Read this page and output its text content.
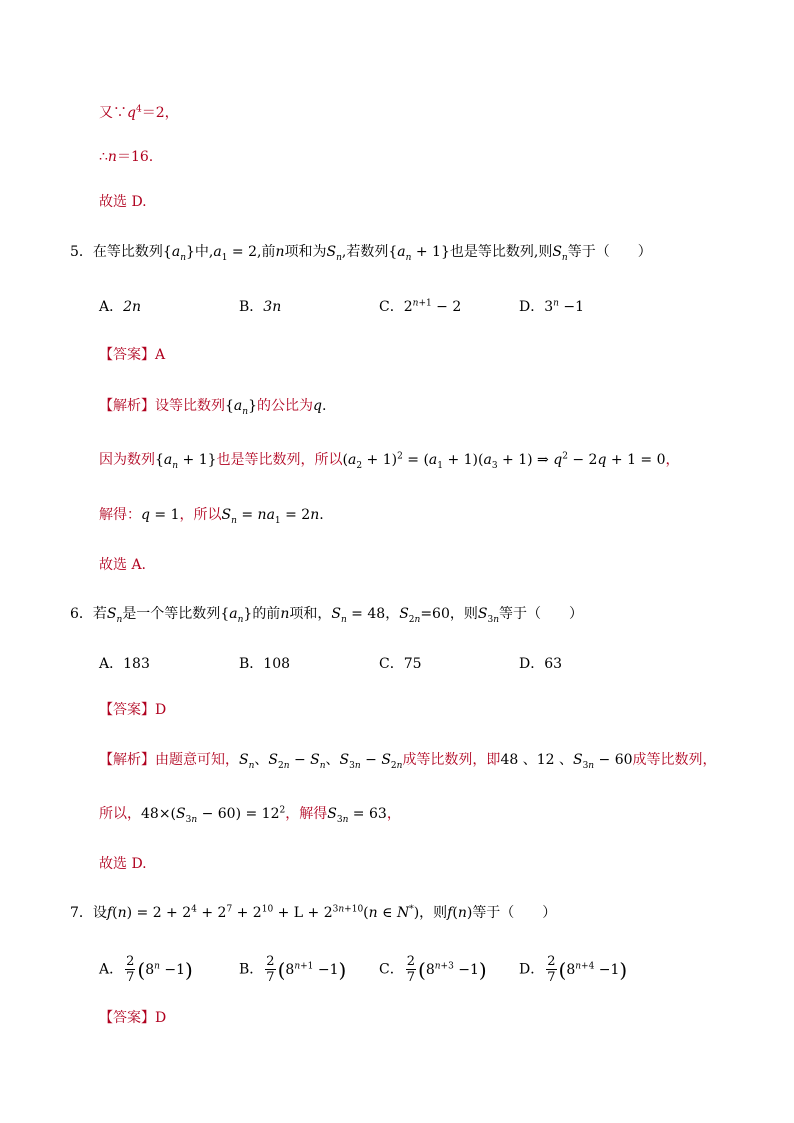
又$\because q^4=2$，
∴n＝16.
故选 D.
5．在等比数列$\{a_n\}$中$,a_1 = 2$,前n项和为$S_n$,若数列$\{a_n + 1\}$也是等比数列,则$S_n$等于（　　）
A．2n	B．3n	C．$2^{n+1} - 2$	D．$3^n -1$
【答案】A
【解析】设等比数列$\{a_n\}$的公比为q.
因为数列$\{a_n + 1\}$也是等比数列，所以$(a_2 + 1)^2 = (a_1 + 1)(a_3 + 1)$ ⇒ $q^2 - 2q + 1 = 0$，
解得：q = 1，所以$S_n = na_1 = 2n$.
故选 A.
6．若$S_n$是一个等比数列$\{a_n\}$的前n项和，$S_n = 48$，$S_{2n}=60$，则$S_{3n}$等于（　　）
A．183	B．108	C．75	D．63
【答案】D
【解析】由题意可知，$S_n$、$S_{2n} - S_n$、$S_{3n} - S_{2n}$成等比数列，即48 、12 、$S_{3n} - 60$成等比数列，
所以，$48\times(S_{3n} - 60) = 12^2$，解得$S_{3n} = 63$，
故选 D.
7．设$f(n) = 2 + 2^4 + 2^7 + 2^{10} + L + 2^{3n+10}(n$ ∈ N*)，则f(n)等于（　　）
A． $\frac{2}{7} (8^n -1)$	B． $\frac{2}{7} (8^{n+1} -1)$ C． $\frac{2}{7} (8^{n+3} -1)$ D． $\frac{2}{7} (8^{n+4} -1)$
【答案】D
